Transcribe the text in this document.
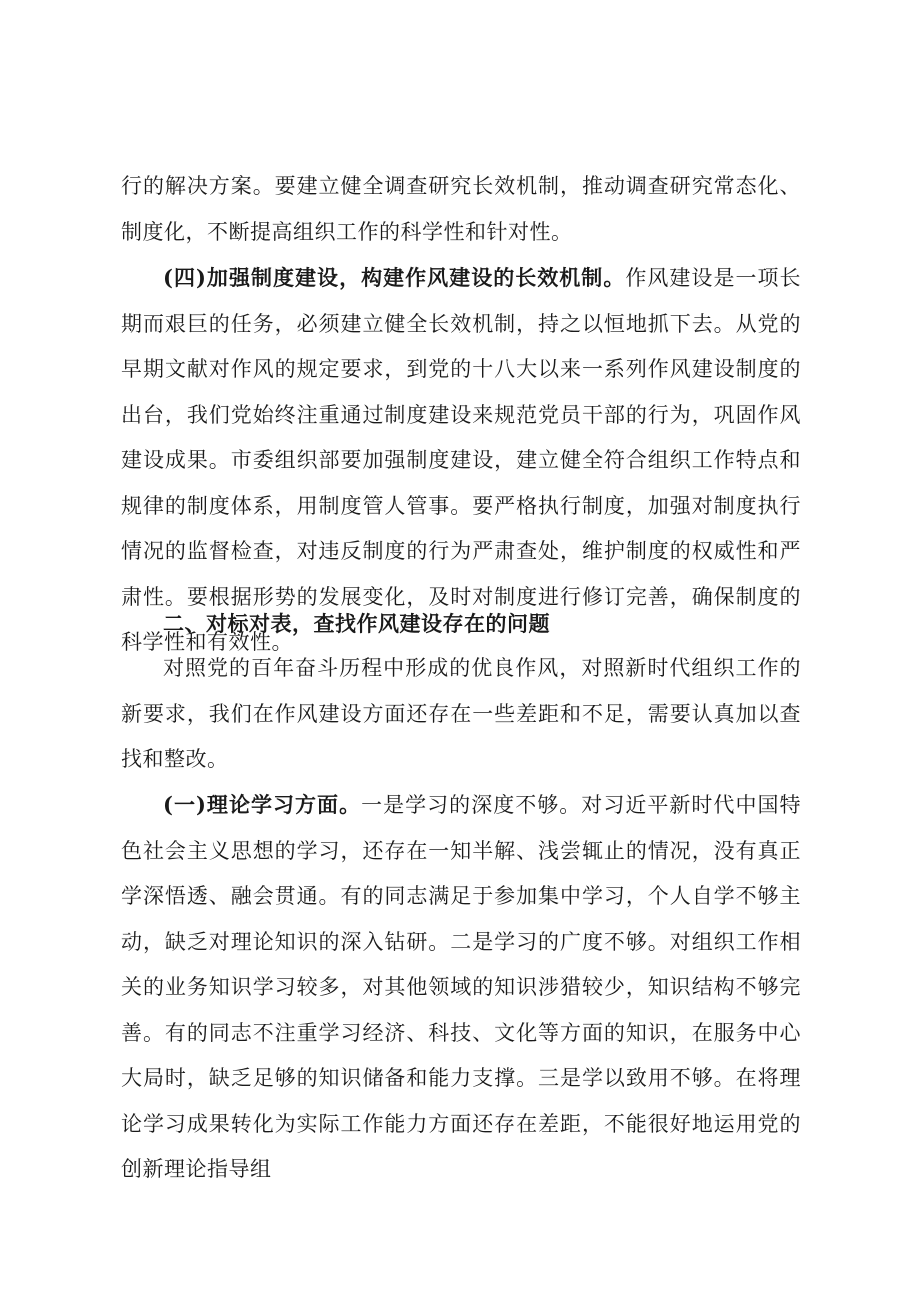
行的解决方案。要建立健全调查研究长效机制，推动调查研究常态化、制度化，不断提高组织工作的科学性和针对性。

(四)加强制度建设，构建作风建设的长效机制。作风建设是一项长期而艰巨的任务，必须建立健全长效机制，持之以恒地抓下去。从党的早期文献对作风的规定要求，到党的十八大以来一系列作风建设制度的出台，我们党始终注重通过制度建设来规范党员干部的行为，巩固作风建设成果。市委组织部要加强制度建设，建立健全符合组织工作特点和规律的制度体系，用制度管人管事。要严格执行制度，加强对制度执行情况的监督检查，对违反制度的行为严肃查处，维护制度的权威性和严肃性。要根据形势的发展变化，及时对制度进行修订完善，确保制度的科学性和有效性。

二、对标对表，查找作风建设存在的问题

对照党的百年奋斗历程中形成的优良作风，对照新时代组织工作的新要求，我们在作风建设方面还存在一些差距和不足，需要认真加以查找和整改。

(一)理论学习方面。一是学习的深度不够。对习近平新时代中国特色社会主义思想的学习，还存在一知半解、浅尝辄止的情况，没有真正学深悟透、融会贯通。有的同志满足于参加集中学习，个人自学不够主动，缺乏对理论知识的深入钻研。二是学习的广度不够。对组织工作相关的业务知识学习较多，对其他领域的知识涉猎较少，知识结构不够完善。有的同志不注重学习经济、科技、文化等方面的知识，在服务中心大局时，缺乏足够的知识储备和能力支撑。三是学以致用不够。在将理论学习成果转化为实际工作能力方面还存在差距，不能很好地运用党的创新理论指导组
